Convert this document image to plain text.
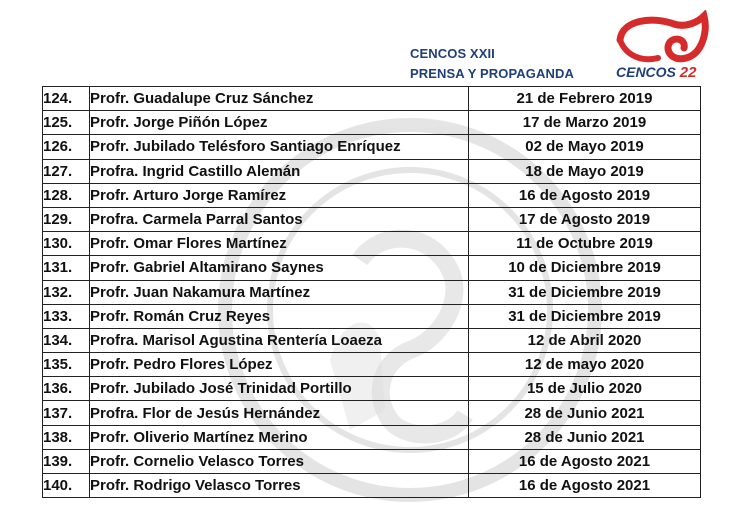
CENCOS XXII
PRENSA Y PROPAGANDA	CENCOS 22
124.	Profr. Guadalupe Cruz Sánchez	21 de Febrero 2019
125.	Profr. Jorge Piñón López	17 de Marzo 2019
126.	Profr. Jubilado Telésforo Santiago Enríquez	02 de Mayo 2019
127.	Profra. Ingrid Castillo Alemán	18 de Mayo 2019
128.	Profr. Arturo Jorge Ramírez	16 de Agosto 2019
129.	Profra. Carmela Parral Santos	17 de Agosto 2019
130.	Profr. Omar Flores Martínez	11 de Octubre 2019
131.	Profr. Gabriel Altamirano Saynes	10 de Diciembre 2019
132.	Profr. Juan Nakamura Martínez	31 de Diciembre 2019
133.	Profr. Román Cruz Reyes	31 de Diciembre 2019
134.	Profra. Marisol Agustina Rentería Loaeza	12 de Abril 2020
135.	Profr. Pedro Flores López	12 de mayo 2020
136.	Profr. Jubilado José Trinidad Portillo	15 de Julio 2020
137.	Profra. Flor de Jesús Hernández	28 de Junio 2021
138.	Profr. Oliverio Martínez Merino	28 de Junio 2021
139.	Profr. Cornelio Velasco Torres	16 de Agosto 2021
140.	Profr. Rodrigo Velasco Torres	16 de Agosto 2021
